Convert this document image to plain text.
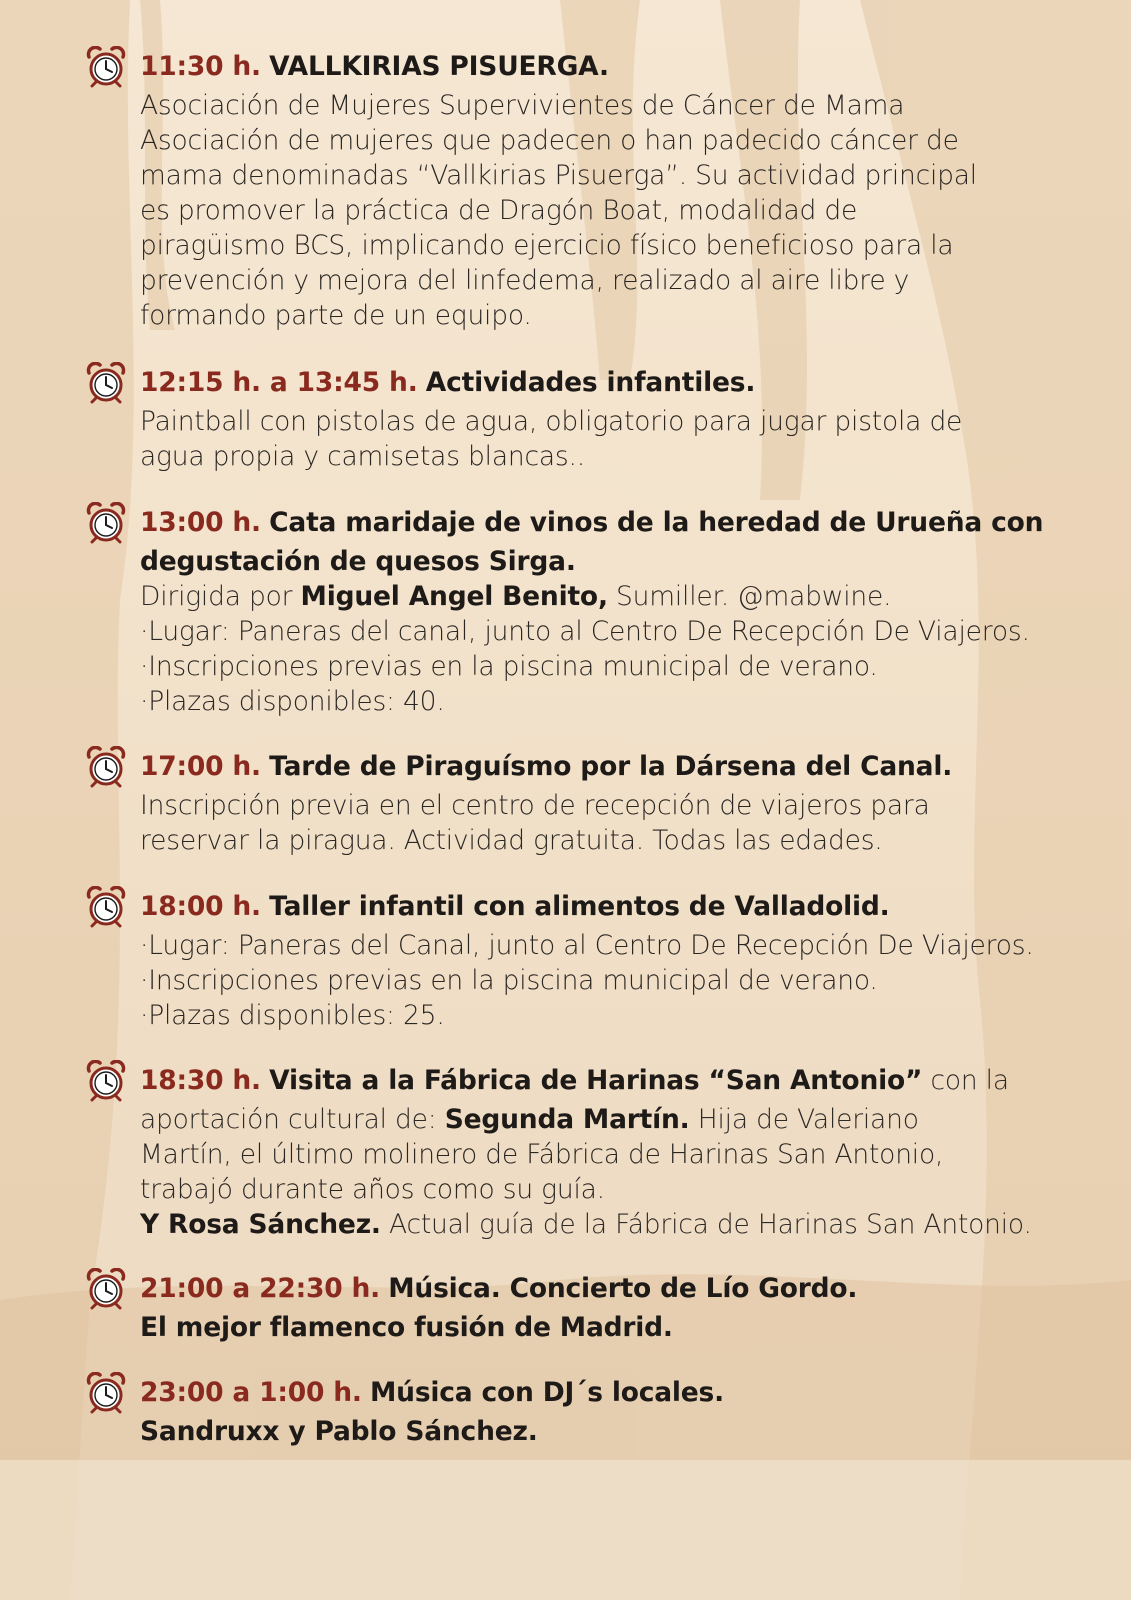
11:30 h. VALLKIRIAS PISUERGA.
Asociación de Mujeres Supervivientes de Cáncer de Mama
Asociación de mujeres que padecen o han padecido cáncer de
mama denominadas “Vallkirias Pisuerga”. Su actividad principal
es promover la práctica de Dragón Boat, modalidad de
piragüismo BCS, implicando ejercicio físico beneficioso para la
prevención y mejora del linfedema, realizado al aire libre y
formando parte de un equipo.
12:15 h. a 13:45 h. Actividades infantiles.
Paintball con pistolas de agua, obligatorio para jugar pistola de
agua propia y camisetas blancas..
13:00 h. Cata maridaje de vinos de la heredad de Urueña con
degustación de quesos Sirga.
Dirigida por Miguel Angel Benito, Sumiller. @mabwine.
·Lugar: Paneras del canal, junto al Centro De Recepción De Viajeros.
·Inscripciones previas en la piscina municipal de verano.
·Plazas disponibles: 40.
17:00 h. Tarde de Piraguísmo por la Dársena del Canal.
Inscripción previa en el centro de recepción de viajeros para
reservar la piragua. Actividad gratuita. Todas las edades.
18:00 h. Taller infantil con alimentos de Valladolid.
·Lugar: Paneras del Canal, junto al Centro De Recepción De Viajeros.
·Inscripciones previas en la piscina municipal de verano.
·Plazas disponibles: 25.
18:30 h. Visita a la Fábrica de Harinas “San Antonio” con la
aportación cultural de: Segunda Martín. Hija de Valeriano
Martín, el último molinero de Fábrica de Harinas San Antonio,
trabajó durante años como su guía.
Y Rosa Sánchez. Actual guía de la Fábrica de Harinas San Antonio.
21:00 a 22:30 h. Música. Concierto de Lío Gordo.
El mejor flamenco fusión de Madrid.
23:00 a 1:00 h. Música con DJ´s locales.
Sandruxx y Pablo Sánchez.
